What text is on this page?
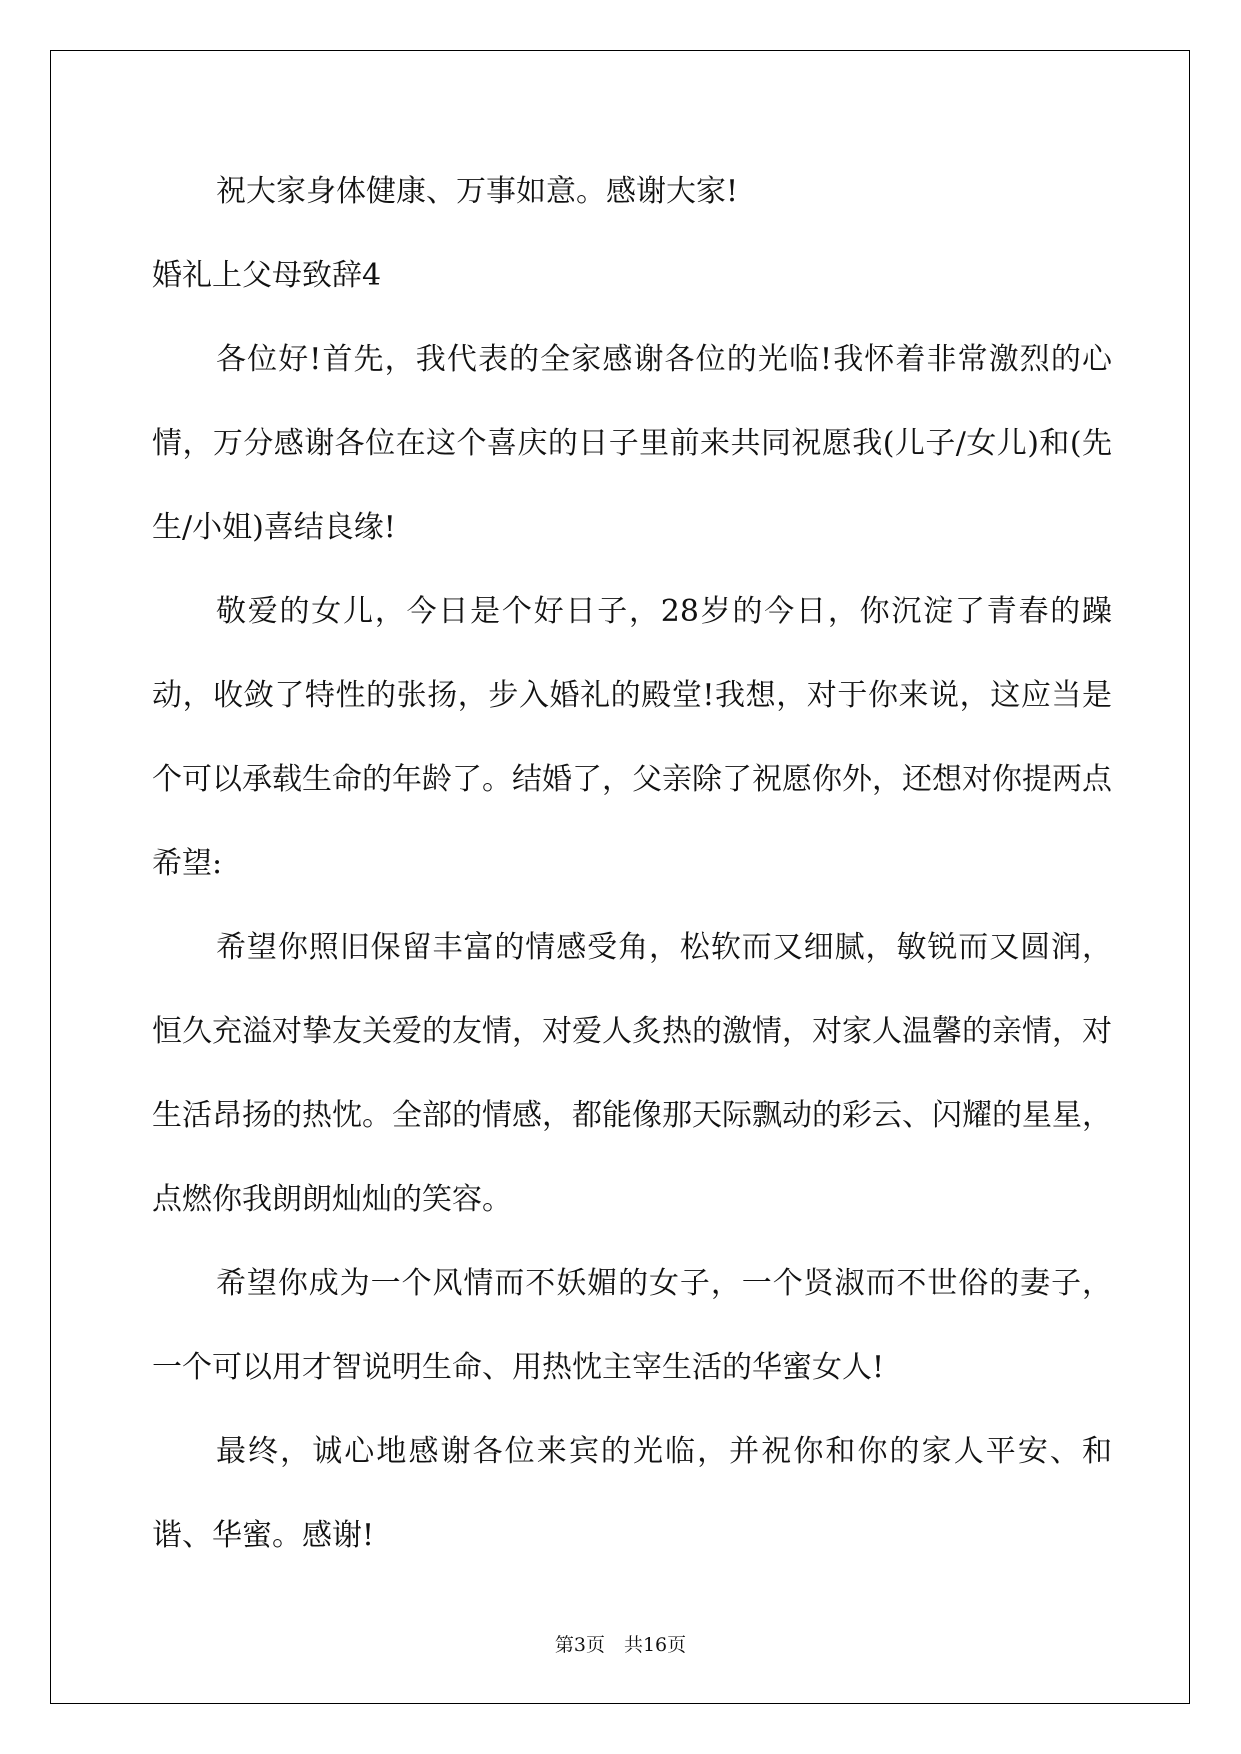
祝大家身体健康、万事如意。感谢大家!

婚礼上父母致辞4

各位好!首先，我代表的全家感谢各位的光临!我怀着非常激烈的心情，万分感谢各位在这个喜庆的日子里前来共同祝愿我(儿子/女儿)和(先生/小姐)喜结良缘!

敬爱的女儿，今日是个好日子，28岁的今日，你沉淀了青春的躁动，收敛了特性的张扬，步入婚礼的殿堂!我想，对于你来说，这应当是个可以承载生命的年龄了。结婚了，父亲除了祝愿你外，还想对你提两点希望:

希望你照旧保留丰富的情感受角，松软而又细腻，敏锐而又圆润，恒久充溢对挚友关爱的友情，对爱人炙热的激情，对家人温馨的亲情，对生活昂扬的热忱。全部的情感，都能像那天际飘动的彩云、闪耀的星星，点燃你我朗朗灿灿的笑容。

希望你成为一个风情而不妖媚的女子，一个贤淑而不世俗的妻子，一个可以用才智说明生命、用热忱主宰生活的华蜜女人!

最终，诚心地感谢各位来宾的光临，并祝你和你的家人平安、和谐、华蜜。感谢!

第3页　共16页
